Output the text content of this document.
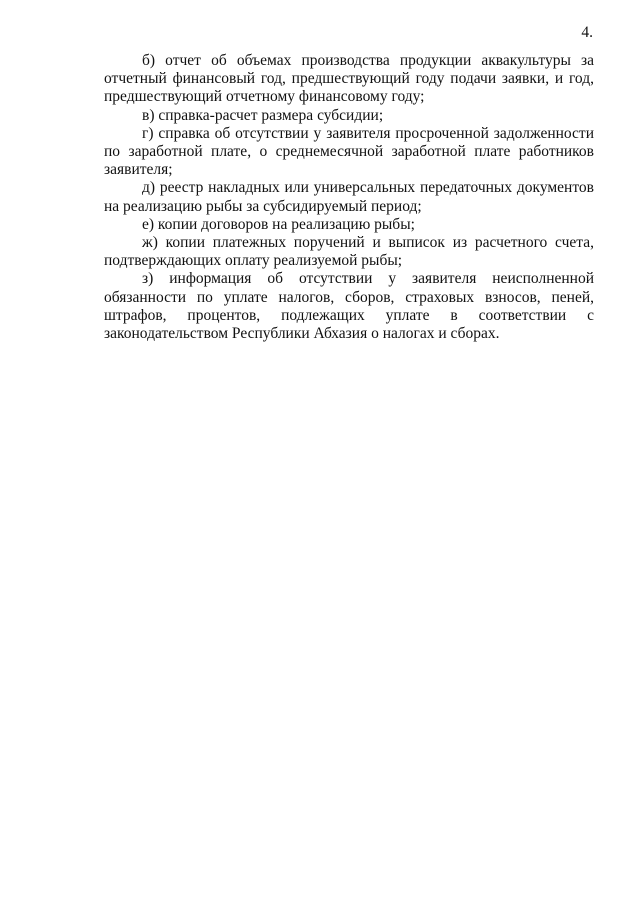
4.

б) отчет об объемах производства продукции аквакультуры за отчетный финансовый год, предшествующий году подачи заявки, и год, предшествующий отчетному финансовому году;

в) справка-расчет размера субсидии;

г) справка об отсутствии у заявителя просроченной задолженности по заработной плате, о среднемесячной заработной плате работников заявителя;

д) реестр накладных или универсальных передаточных документов на реализацию рыбы за субсидируемый период;

е) копии договоров на реализацию рыбы;

ж) копии платежных поручений и выписок из расчетного счета, подтверждающих оплату реализуемой рыбы;

з) информация об отсутствии у заявителя неисполненной обязанности по уплате налогов, сборов, страховых взносов, пеней, штрафов, процентов, подлежащих уплате в соответствии с законодательством Республики Абхазия о налогах и сборах.
